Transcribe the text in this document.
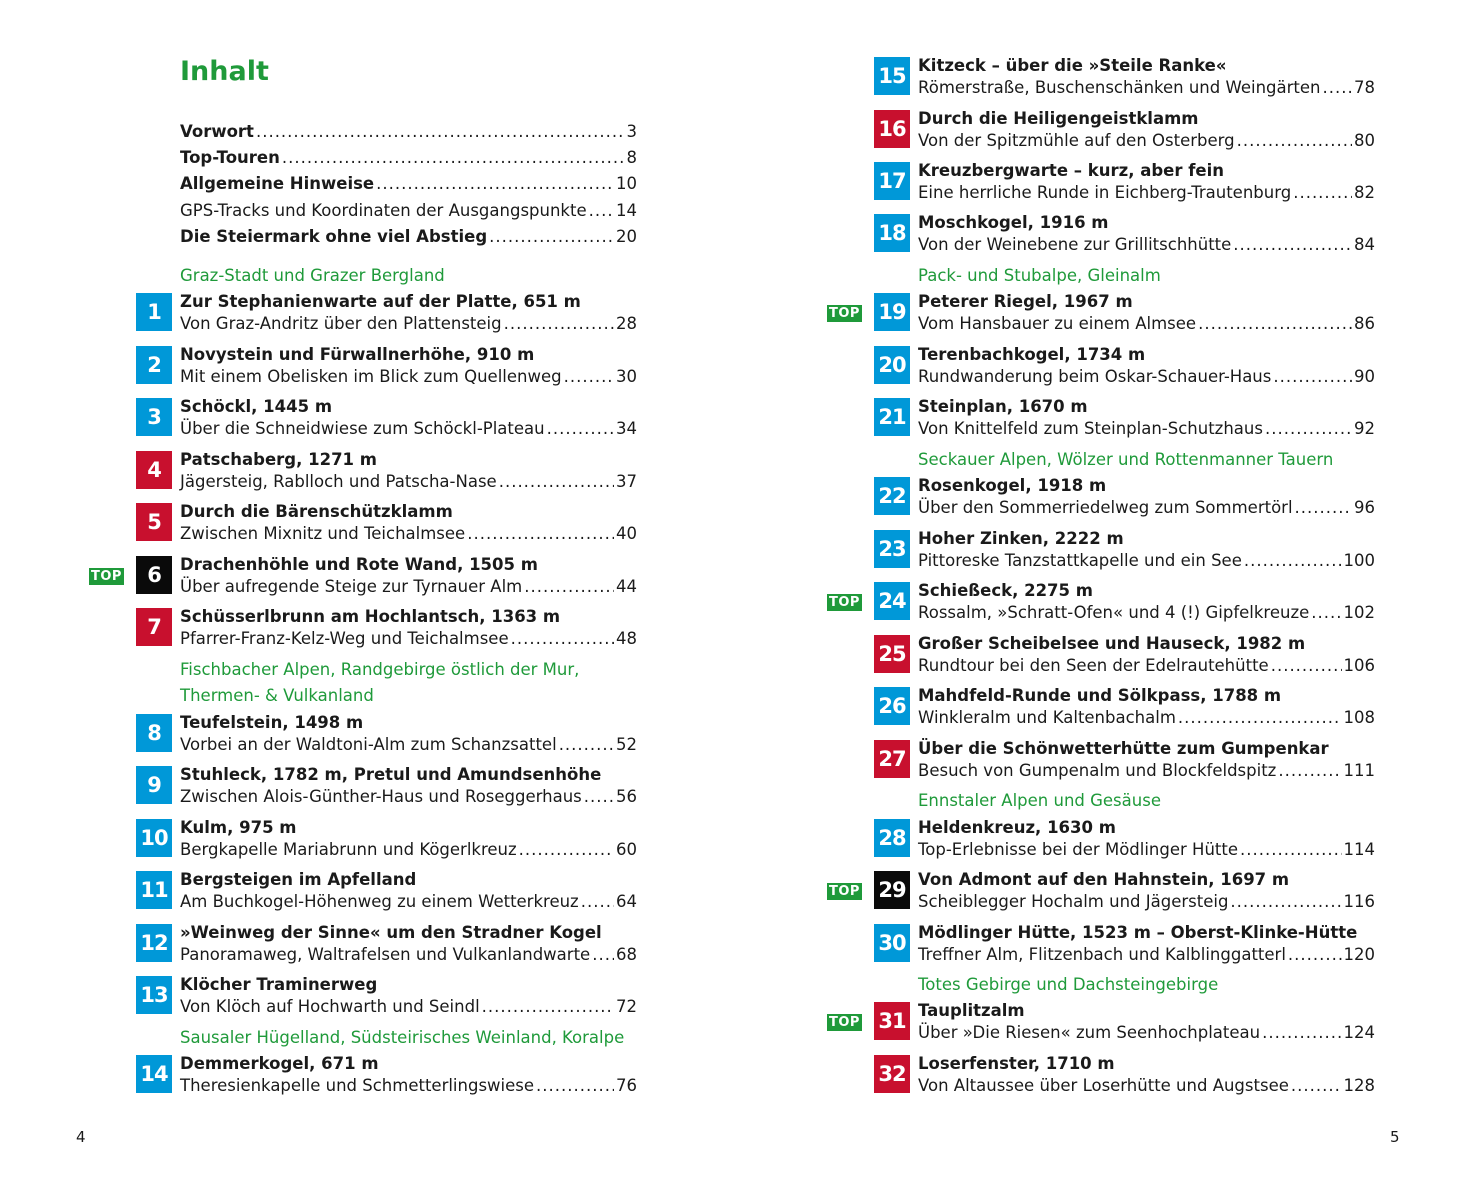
Inhalt
Vorwort .....	3
Top-Touren .....	8
Allgemeine Hinweise .....	10
GPS-Tracks und Koordinaten der Ausgangspunkte ..... 14
Die Steiermark ohne viel Abstieg .....	20
Graz-Stadt und Grazer Bergland
Fischbacher Alpen, Randgebirge östlich der Mur,
Thermen- & Vulkanland
Sausaler Hügelland, Südsteirisches Weinland, Koralpe
1	Zur Stephanienwarte auf der Platte, 651 m
Von Graz-Andritz über den Plattensteig .....	28
2	Novystein und Fürwallnerhöhe, 910 m
Mit einem Obelisken im Blick zum Quellenweg .....	30
3	Schöckl, 1445 m
Über die Schneidwiese zum Schöckl-Plateau .....	34
4	Patschaberg, 1271 m
Jägersteig, Rablloch und Patscha-Nase .....	37
5	Durch die Bärenschützklamm
Zwischen Mixnitz und Teichalmsee .....	40
TOP	6	Drachenhöhle und Rote Wand, 1505 m
Über aufregende Steige zur Tyrnauer Alm .....	44
7	Schüsserlbrunn am Hochlantsch, 1363 m
Pfarrer-Franz-Kelz-Weg und Teichalmsee .....	48
8	Teufelstein, 1498 m
Vorbei an der Waldtoni-Alm zum Schanzsattel .....	52
9	Stuhleck, 1782 m, Pretul und Amundsenhöhe
Zwischen Alois-Günther-Haus und Roseggerhaus ..... 56
10 Kulm, 975 m
Bergkapelle Mariabrunn und Kögerlkreuz .....	60
11 Bergsteigen im Apfelland
Am Buchkogel-Höhenweg zu einem Wetterkreuz ..... 64
12 »Weinweg der Sinne« um den Stradner Kogel
Panoramaweg, Waltrafelsen und Vulkanlandwarte ..... 68
13 Klöcher Traminerweg
Von Klöch auf Hochwarth und Seindl .....	72
14 Demmerkogel, 671 m
Theresienkapelle und Schmetterlingswiese .....	76
4
Pack- und Stubalpe, Gleinalm
Seckauer Alpen, Wölzer und Rottenmanner Tauern
Ennstaler Alpen und Gesäuse
Totes Gebirge und Dachsteingebirge
15 Kitzeck – über die »Steile Ranke«
Römerstraße, Buschenschänken und Weingärten ..... 78
16 Durch die Heiligengeistklamm
Von der Spitzmühle auf den Osterberg .....	80
17 Kreuzbergwarte – kurz, aber fein
Eine herrliche Runde in Eichberg-Trautenburg .....	82
18 Moschkogel, 1916 m
Von der Weinebene zur Grillitschhütte .....	84
TOP 19 Peterer Riegel, 1967 m
Vom Hansbauer zu einem Almsee .....	86
20 Terenbachkogel, 1734 m
Rundwanderung beim Oskar-Schauer-Haus .....	90
21 Steinplan, 1670 m
Von Knittelfeld zum Steinplan-Schutzhaus .....	92
22 Rosenkogel, 1918 m
Über den Sommerriedelweg zum Sommertörl .....	96
23 Hoher Zinken, 2222 m
Pittoreske Tanzstattkapelle und ein See .....	100
TOP 24 Schießeck, 2275 m
Rossalm, »Schratt-Ofen« und 4 (!) Gipfelkreuze ..... 102
25 Großer Scheibelsee und Hauseck, 1982 m
Rundtour bei den Seen der Edelrautehütte .....	106
26 Mahdfeld-Runde und Sölkpass, 1788 m
Winkleralm und Kaltenbachalm .....	108
27 Über die Schönwetterhütte zum Gumpenkar
Besuch von Gumpenalm und Blockfeldspitz .....	111
28 Heldenkreuz, 1630 m
Top-Erlebnisse bei der Mödlinger Hütte .....	114
TOP 29 Von Admont auf den Hahnstein, 1697 m
Scheiblegger Hochalm und Jägersteig .....	116
30 Mödlinger Hütte, 1523 m – Oberst-Klinke-Hütte
Treffner Alm, Flitzenbach und Kalblinggatterl .....	120
TOP 31 Tauplitzalm
Über »Die Riesen« zum Seenhochplateau .....	124
32 Loserfenster, 1710 m
Von Altaussee über Loserhütte und Augstsee .....	128
5
